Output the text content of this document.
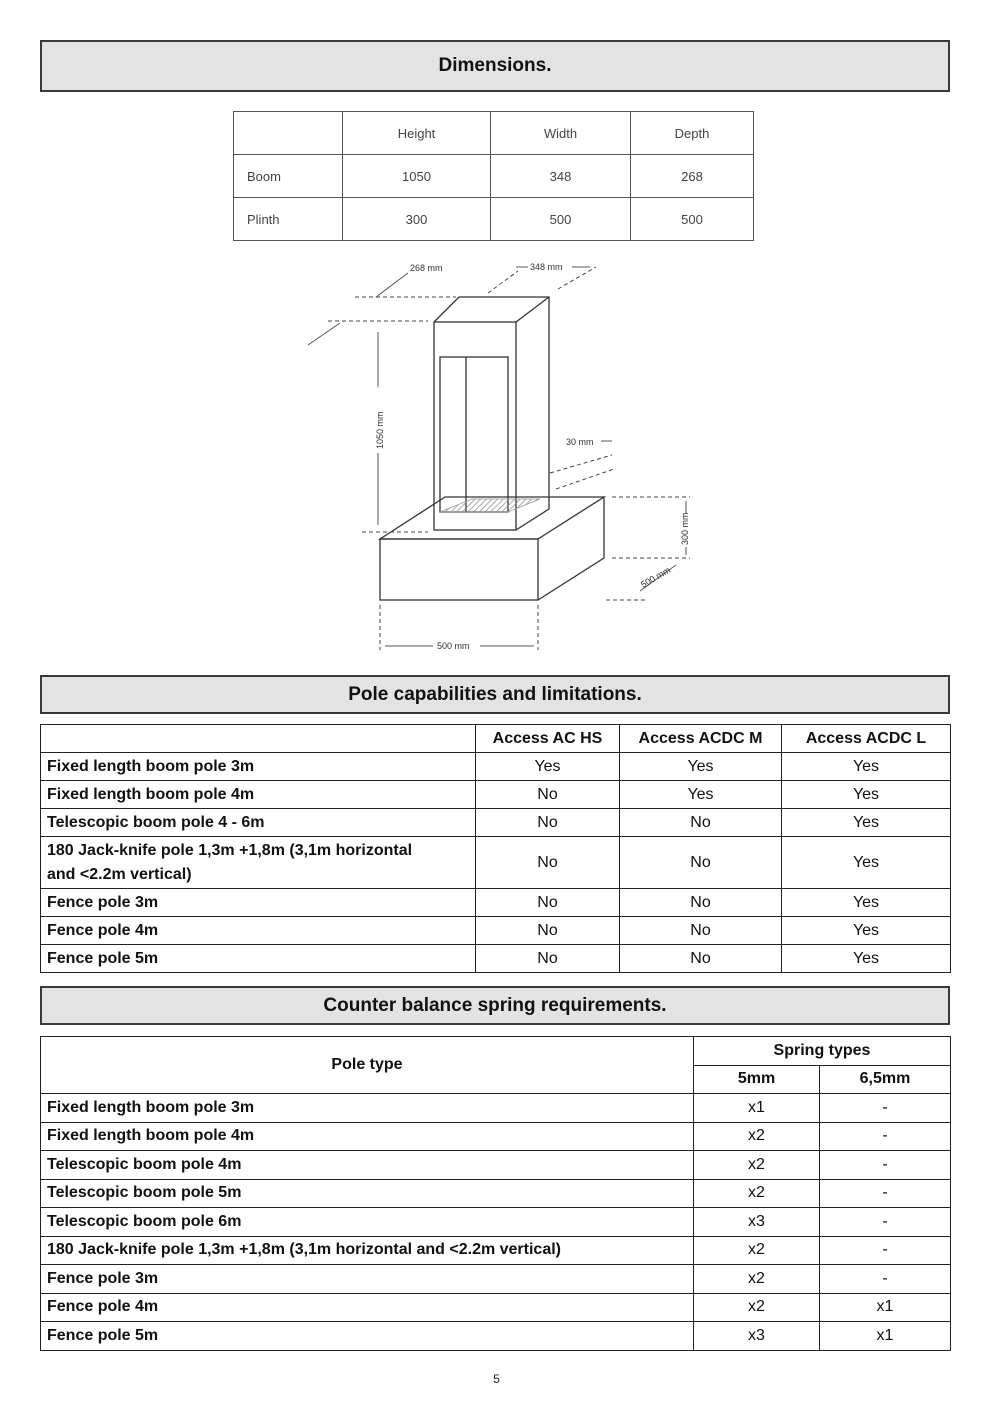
Dimensions.
	Height	Width	Depth
Boom	1050	348	268
Plinth	300	500	500
268 mm	348 mm
1050 mm	30 mm
300 mm
500 mm
500 mm
Pole capabilities and limitations.
	Access AC HS	Access ACDC M	Access ACDC L
Fixed length boom pole 3m	Yes	Yes	Yes
Fixed length boom pole 4m	No	Yes	Yes
Telescopic boom pole 4 - 6m	No	No	Yes
180 Jack-knife pole 1,3m +1,8m (3,1m horizontal
and <2.2m vertical)	No	No	Yes
Fence pole 3m	No	No	Yes
Fence pole 4m	No	No	Yes
Fence pole 5m	No	No	Yes
Counter balance spring requirements.
Pole type	Spring types	
	5mm	6,5mm
Fixed length boom pole 3m	x1	-
Fixed length boom pole 4m	x2	-
Telescopic boom pole 4m	x2	-
Telescopic boom pole 5m	x2	-
Telescopic boom pole 6m	x3	-
180 Jack-knife pole 1,3m +1,8m (3,1m horizontal and <2.2m vertical)	x2	-
Fence pole 3m	x2	-
Fence pole 4m	x2	x1
Fence pole 5m	x3	x1
5
